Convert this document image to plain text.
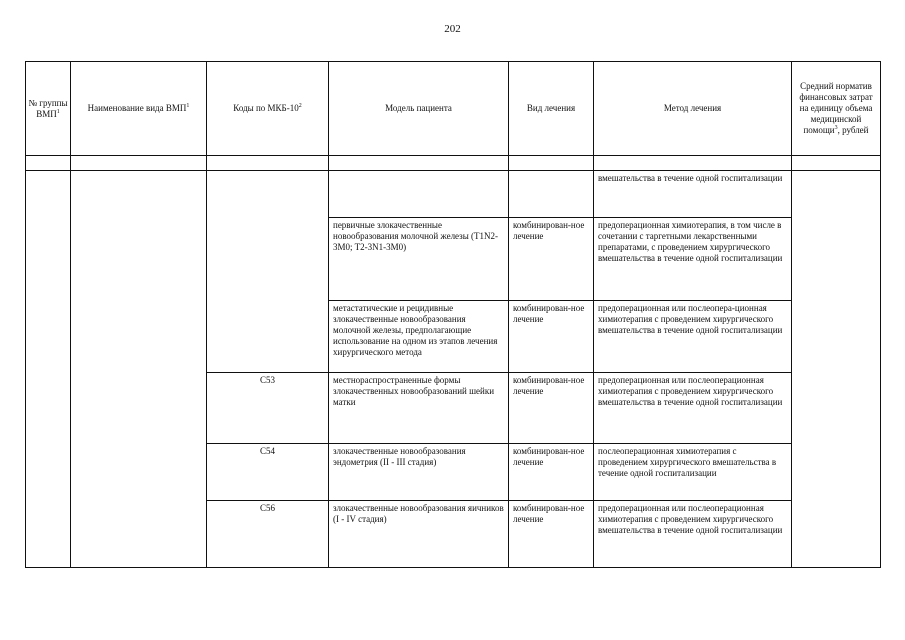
202
№ группы ВМП$^1$	Наименование вида ВМП$^1$	Коды по МКБ-$10^2$	Модель пациента	Вид лечения	Метод лечения	Средний норматив финансовых затрат на единицу объема медицинской помощи$^3$, рублей

					вмешательства в течение одной госпитализации	
			первичные злокачественные новообразования молочной железы (T1N2-3M0; T2-3N1-3M0)	комбинирован-ное лечение	предоперационная химиотерапия, в том числе в сочетании с таргетными лекарственными препаратами, с проведением хирургического вмешательства в течение одной госпитализации	
			метастатические и рецидивные злокачественные новообразования молочной железы, предполагающие использование на одном из этапов лечения хирургического метода	комбинирован-ное лечение	предоперационная или послеопера-ционная химиотерапия с проведением хирургического вмешательства в течение одной госпитализации	
		C53	местнораспространенные формы злокачественных новообразований шейки матки	комбинирован-ное лечение	предоперационная или послеоперационная химиотерапия с проведением хирургического вмешательства в течение одной госпитализации	
		C54	злокачественные новообразования эндометрия (II - III стадия)	комбинирован-ное лечение	послеоперационная химиотерапия с проведением хирургического вмешательства в течение одной госпитализации	
		C56	злокачественные новообразования яичников (I - IV стадия)	комбинирован-ное лечение	предоперационная или послеоперационная химиотерапия с проведением хирургического вмешательства в течение одной госпитализации	
